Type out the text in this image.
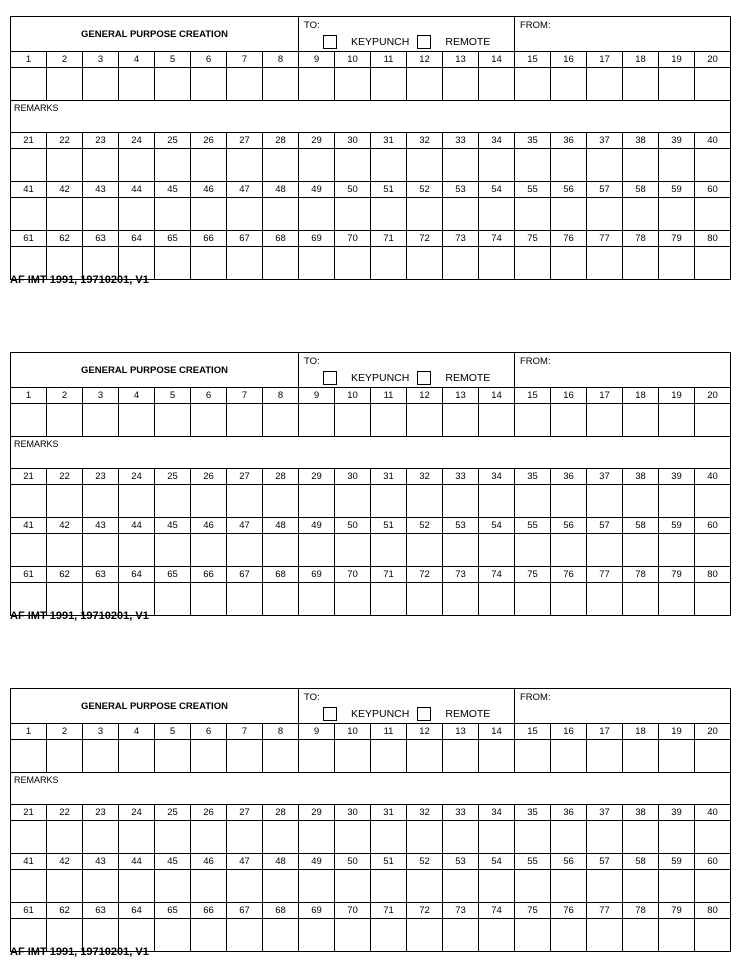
GENERAL PURPOSE CREATION								TO:
KEYPUNCH REMOTE						FROM:					
1	2	3	4	5	6	7	8	9	10	11	12	13	14	15	16	17	18	19	20

REMARKS																			

21	22	23	24	25	26	27	28	29	30	31	32	33	34	35	36	37	38	39	40

41	42	43	44	45	46	47	48	49	50	51	52	53	54	55	56	57	58	59	60

61	62	63	64	65	66	67	68	69	70	71	72	73	74	75	76	77	78	79	80

AF IMT 1991, 19710201, V1
GENERAL PURPOSE CREATION								TO:
KEYPUNCH REMOTE						FROM:					
1	2	3	4	5	6	7	8	9	10	11	12	13	14	15	16	17	18	19	20

REMARKS																			

21	22	23	24	25	26	27	28	29	30	31	32	33	34	35	36	37	38	39	40

41	42	43	44	45	46	47	48	49	50	51	52	53	54	55	56	57	58	59	60

61	62	63	64	65	66	67	68	69	70	71	72	73	74	75	76	77	78	79	80

AF IMT 1991, 19710201, V1
GENERAL PURPOSE CREATION								TO:
KEYPUNCH REMOTE						FROM:					
1	2	3	4	5	6	7	8	9	10	11	12	13	14	15	16	17	18	19	20

REMARKS																			

21	22	23	24	25	26	27	28	29	30	31	32	33	34	35	36	37	38	39	40

41	42	43	44	45	46	47	48	49	50	51	52	53	54	55	56	57	58	59	60

61	62	63	64	65	66	67	68	69	70	71	72	73	74	75	76	77	78	79	80

AF IMT 1991, 19710201, V1
